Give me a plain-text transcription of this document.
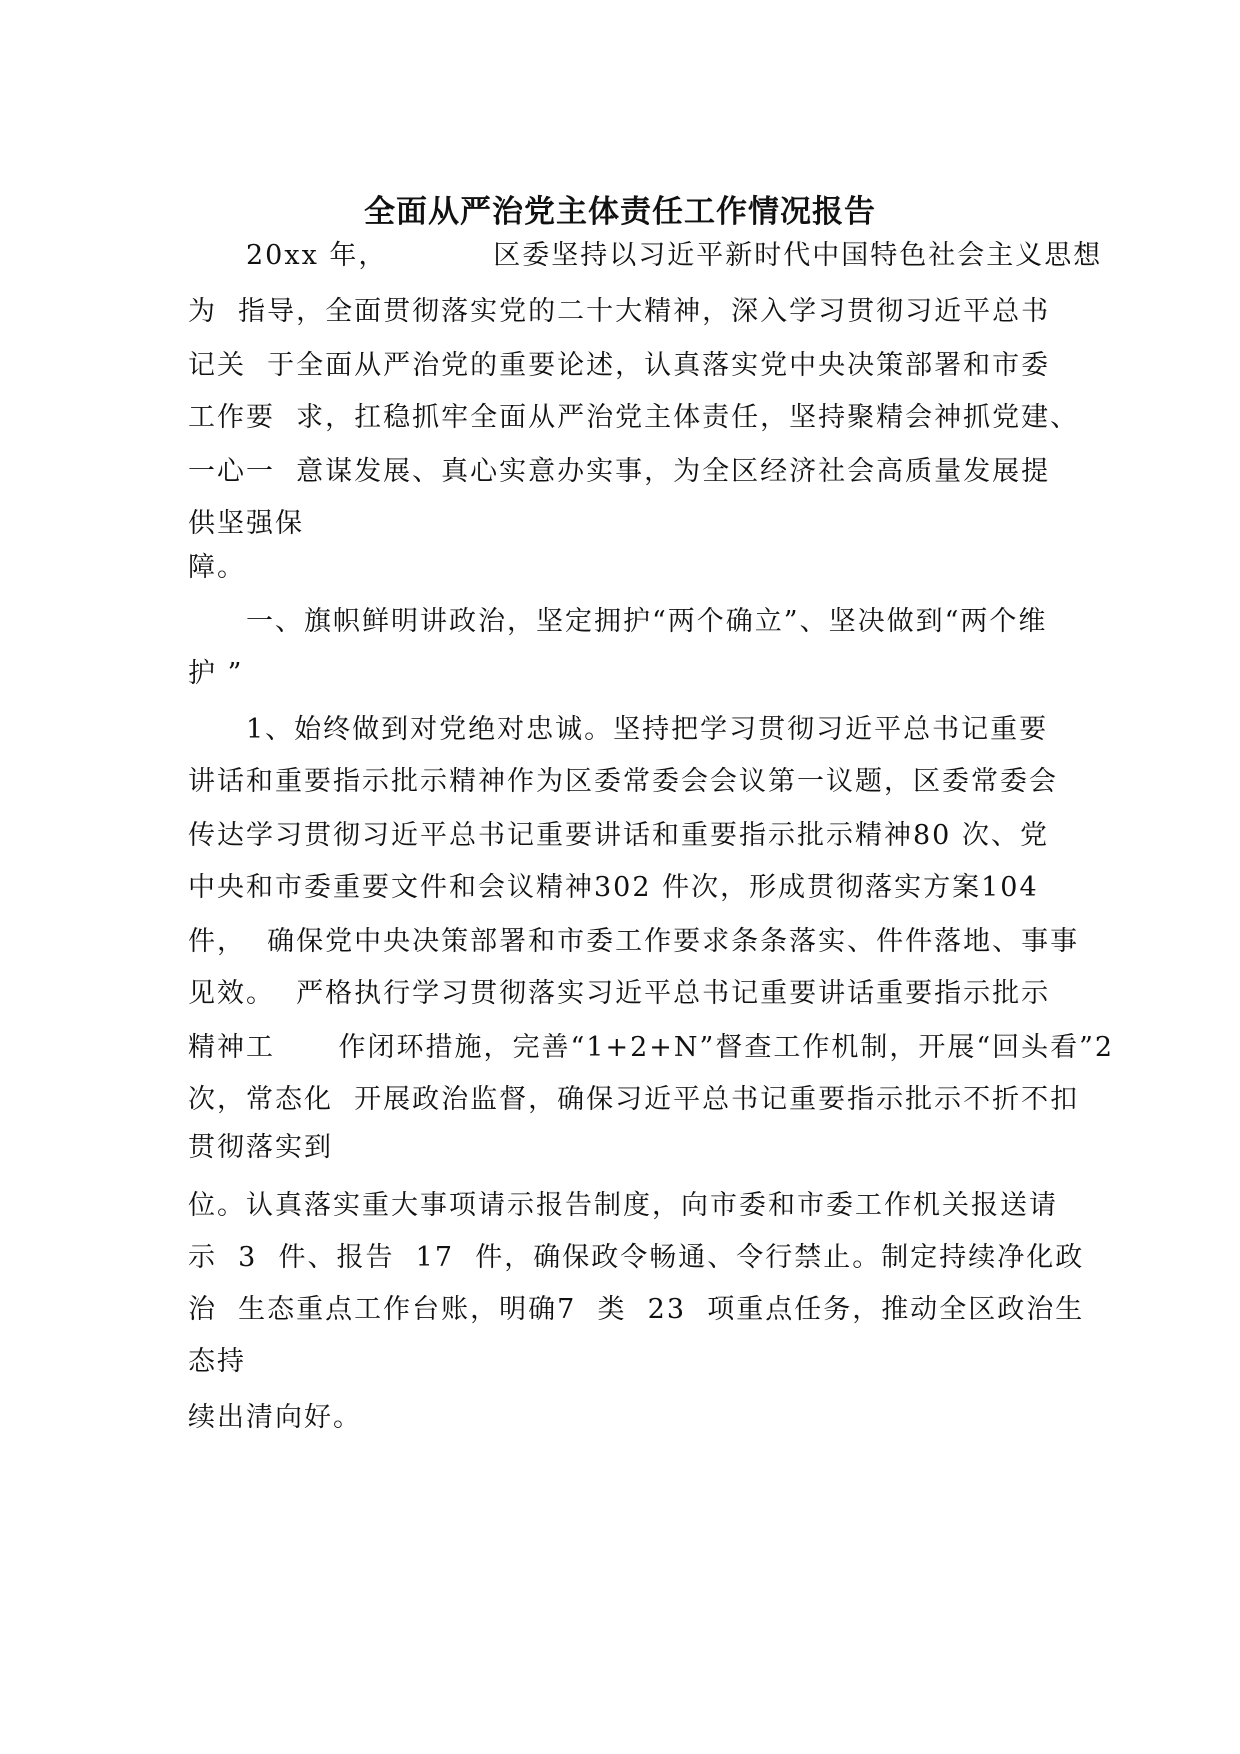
全面从严治党主体责任工作情况报告
20xx 年，          区委坚持以习近平新时代中国特色社会主义思想
为  指导，全面贯彻落实党的二十大精神，深入学习贯彻习近平总书
记关  于全面从严治党的重要论述，认真落实党中央决策部署和市委
工作要  求，扛稳抓牢全面从严治党主体责任，坚持聚精会神抓党建、
一心一  意谋发展、真心实意办实事，为全区经济社会高质量发展提
供坚强保
障。
一、旗帜鲜明讲政治，坚定拥护“两个确立”、坚决做到“两个维
护 ”
1、始终做到对党绝对忠诚。坚持把学习贯彻习近平总书记重要
讲话和重要指示批示精神作为区委常委会会议第一议题，区委常委会
传达学习贯彻习近平总书记重要讲话和重要指示批示精神80 次、党
中央和市委重要文件和会议精神302 件次，形成贯彻落实方案104
件，  确保党中央决策部署和市委工作要求条条落实、件件落地、事事
见效。  严格执行学习贯彻落实习近平总书记重要讲话重要指示批示
精神工      作闭环措施，完善“1+2+N”督查工作机制，开展“回头看”2
次，常态化  开展政治监督，确保习近平总书记重要指示批示不折不扣
贯彻落实到
位。认真落实重大事项请示报告制度，向市委和市委工作机关报送请
示  3  件、报告  17  件，确保政令畅通、令行禁止。制定持续净化政
治  生态重点工作台账，明确7  类  23  项重点任务，推动全区政治生
态持
续出清向好。
